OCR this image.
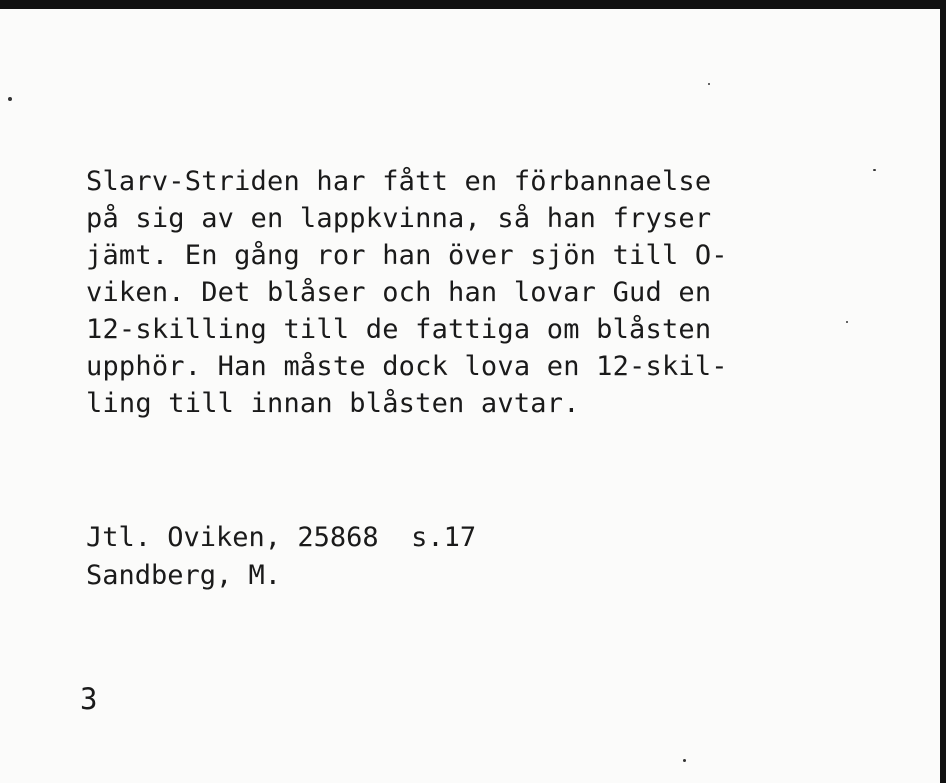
Slarv-Striden har fått en förbannaelse
på sig av en lappkvinna, så han fryser
jämt. En gång ror han över sjön till O-
viken. Det blåser och han lovar Gud en
12-skilling till de fattiga om blåsten
upphör. Han måste dock lova en 12-skil-
ling till innan blåsten avtar.
Jtl. Oviken, 25868  s.17
Sandberg, M.
3
